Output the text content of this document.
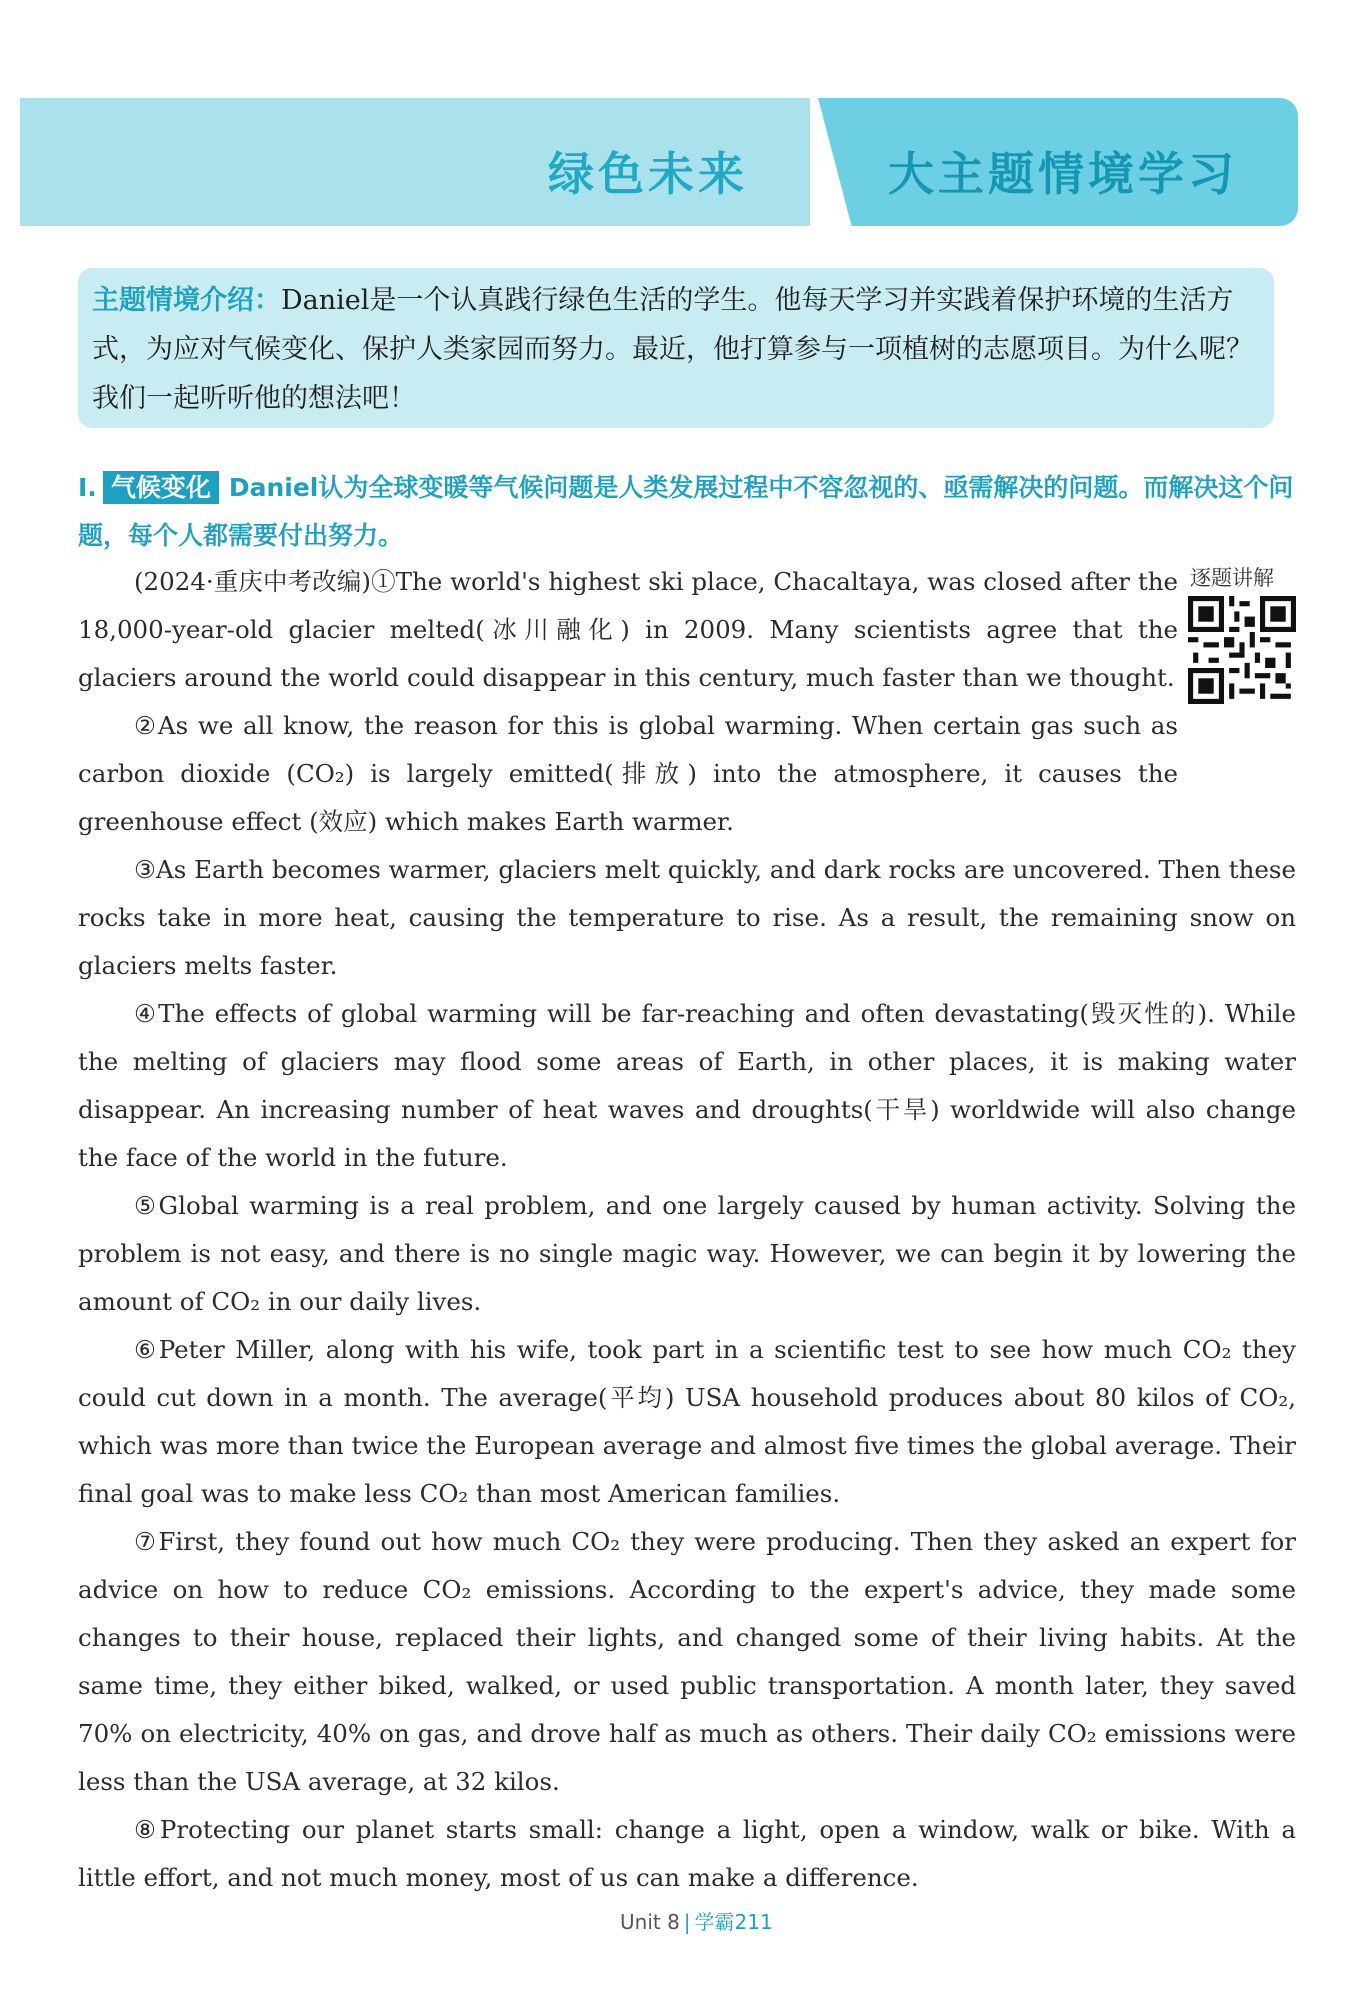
绿色未来	大主题情境学习
主题情境介绍：Daniel是一个认真践行绿色生活的学生。他每天学习并实践着保护环境的生活方式，为应对气候变化、保护人类家园而努力。最近，他打算参与一项植树的志愿项目。为什么呢？我们一起听听他的想法吧！
Ⅰ. 气候变化 Daniel认为全球变暖等气候问题是人类发展过程中不容忽视的、亟需解决的问题。而解决这个问题，每个人都需要付出努力。
逐题讲解
(2024·重庆中考改编)①The world's highest ski place, Chacaltaya, was closed after the 18,000-year-old glacier melted(冰川融化) in 2009. Many scientists agree that the glaciers around the world could disappear in this century, much faster than we thought.
②As we all know, the reason for this is global warming. When certain gas such as carbon dioxide (CO₂) is largely emitted(排放) into the atmosphere, it causes the greenhouse effect (效应) which makes Earth warmer.
③As Earth becomes warmer, glaciers melt quickly, and dark rocks are uncovered. Then these rocks take in more heat, causing the temperature to rise. As a result, the remaining snow on glaciers melts faster.
④The effects of global warming will be far-reaching and often devastating(毁灭性的). While the melting of glaciers may flood some areas of Earth, in other places, it is making water disappear. An increasing number of heat waves and droughts(干旱) worldwide will also change the face of the world in the future.
⑤Global warming is a real problem, and one largely caused by human activity. Solving the problem is not easy, and there is no single magic way. However, we can begin it by lowering the amount of CO₂ in our daily lives.
⑥Peter Miller, along with his wife, took part in a scientific test to see how much CO₂ they could cut down in a month. The average(平均) USA household produces about 80 kilos of CO₂, which was more than twice the European average and almost five times the global average. Their final goal was to make less CO₂ than most American families.
⑦First, they found out how much CO₂ they were producing. Then they asked an expert for advice on how to reduce CO₂ emissions. According to the expert's advice, they made some changes to their house, replaced their lights, and changed some of their living habits. At the same time, they either biked, walked, or used public transportation. A month later, they saved 70% on electricity, 40% on gas, and drove half as much as others. Their daily CO₂ emissions were less than the USA average, at 32 kilos.
⑧Protecting our planet starts small: change a light, open a window, walk or bike. With a little effort, and not much money, most of us can make a difference.
Unit 8 | 学霸211
